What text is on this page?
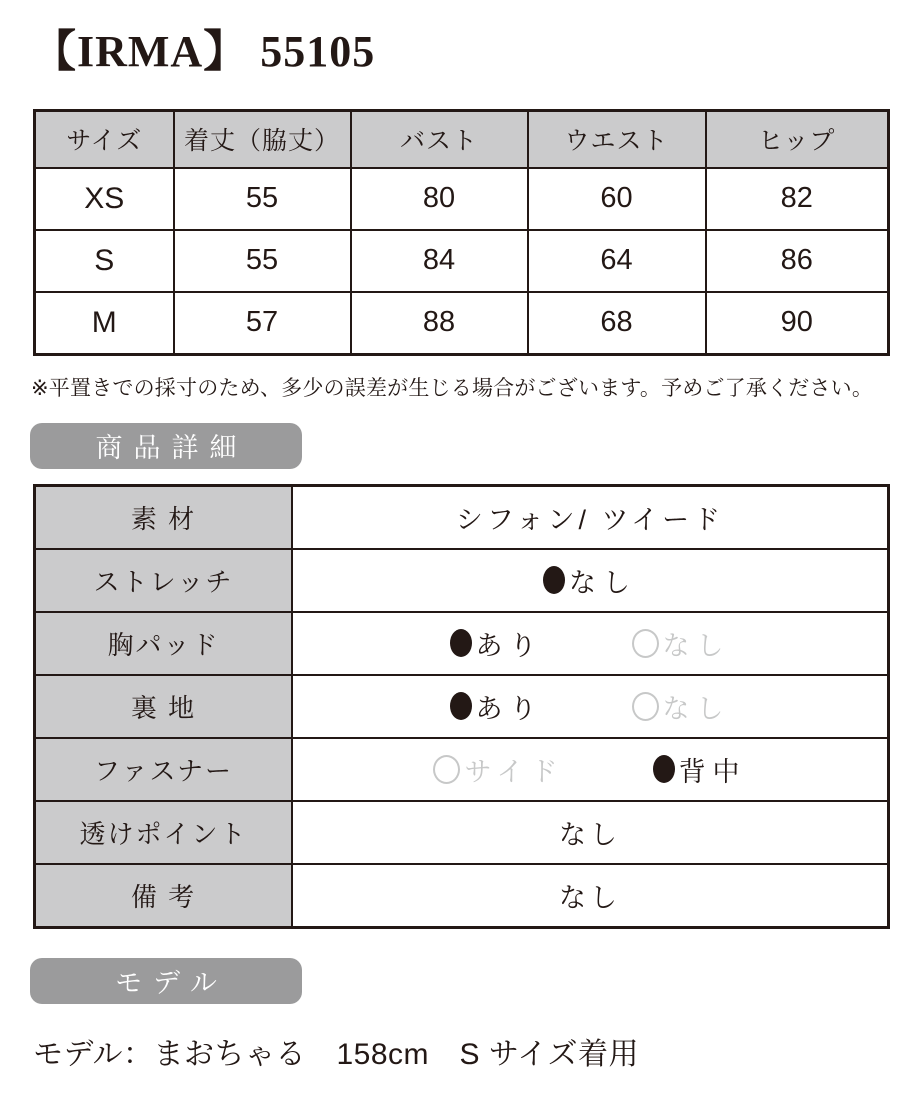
【IRMA】 55105
サイズ	着丈（脇丈）	バスト	ウエスト	ヒップ
XS	55	80	60	82
S	55	84	64	86
M	57	88	68	90

※平置きでの採寸のため、多少の誤差が生じる場合がございます。予めご了承ください。

商品詳細
素 材	シフォン/ ツイード
ストレッチ	なし

胸パッド	あり なし

裏 地	あり なし

ファスナー	サイド 背中

透けポイント	なし
備 考	なし
モデル

モデル：まおちゃる　158cm　S サイズ着用
